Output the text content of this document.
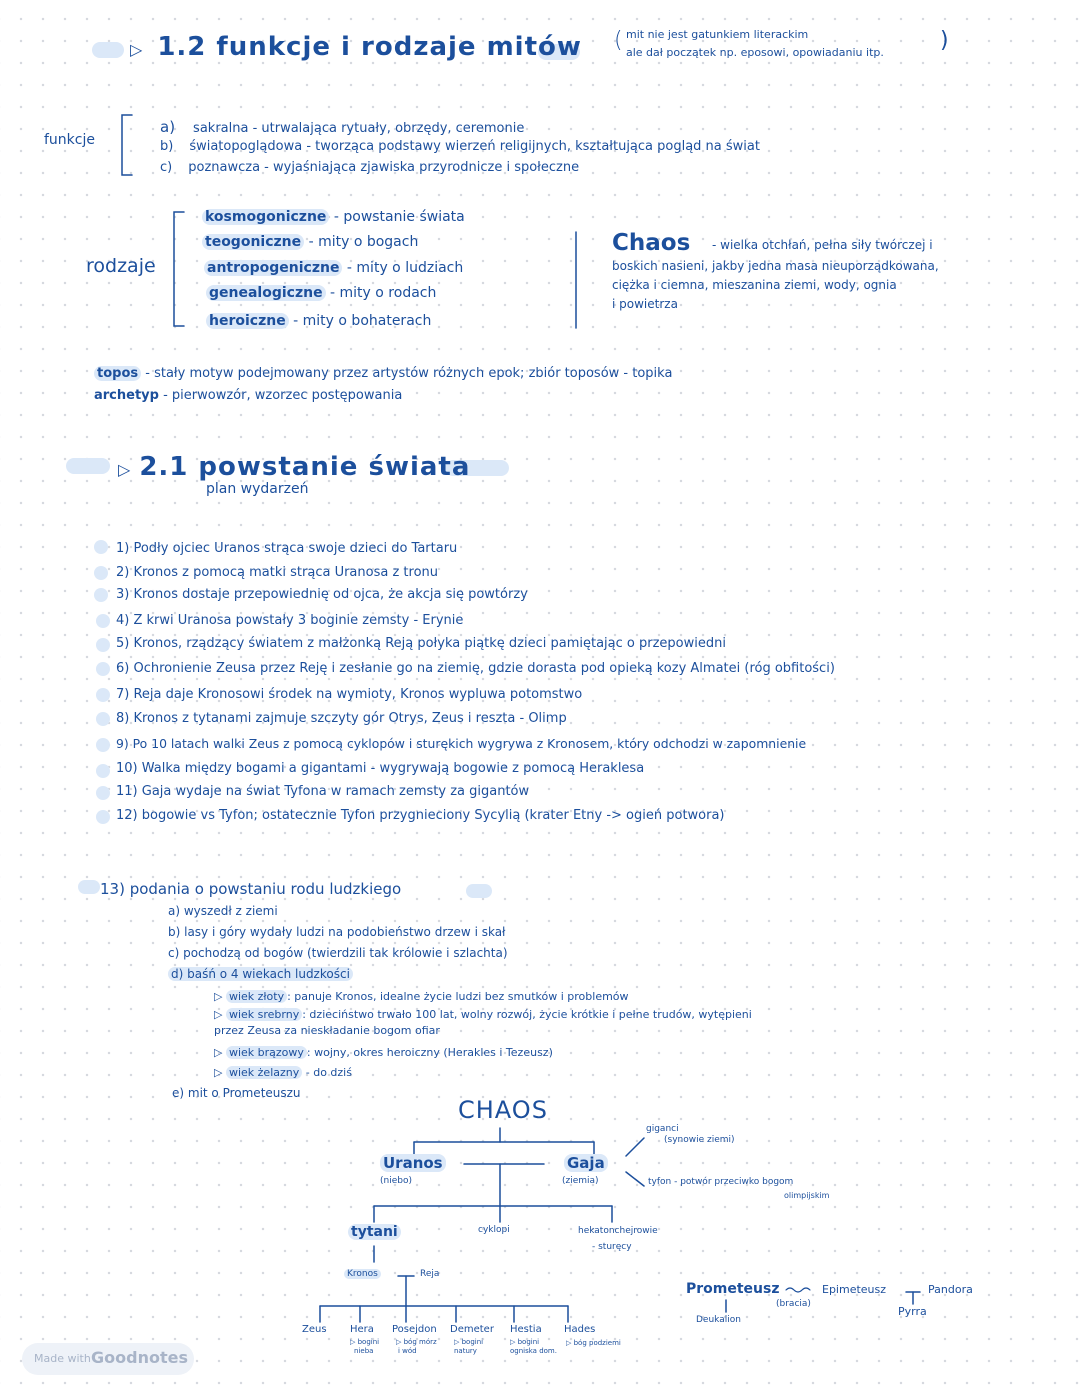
▷ 1.2 funkcje i rodzaje mitów ( mit nie jest gatunkiem literackim
ale dał początek np. eposowi, opowiadaniu itp.	)
funkcje
a) sakralna - utrwalająca rytuały, obrzędy, ceremonie
b) światopoglądowa - tworząca podstawy wierzeń religijnych, kształtująca pogląd na świat
c) poznawcza - wyjaśniająca zjawiska przyrodnicze i społeczne
rodzaje
kosmogoniczne - powstanie świata
teogoniczne - mity o bogach
antropogeniczne - mity o ludziach
genealogiczne - mity o rodach
heroiczne - mity o bohaterach
Chaos - wielka otchłań, pełna siły twórczej i
boskich nasieni, jakby jedna masa nieuporządkowana,
ciężka i ciemna, mieszanina ziemi, wody, ognia
i powietrza
topos - stały motyw podejmowany przez artystów różnych epok; zbiór toposów - topika
archetyp - pierwowzór, wzorzec postępowania
▷ 2.1 powstanie świata
plan wydarzeń
1) Podły ojciec Uranos strąca swoje dzieci do Tartaru
2) Kronos z pomocą matki strąca Uranosa z tronu
3) Kronos dostaje przepowiednię od ojca, że akcja się powtórzy
4) Z krwi Uranosa powstały 3 boginie zemsty - Erynie
5) Kronos, rządzący światem z małżonką Reją połyka piątkę dzieci pamiętając o przepowiedni
6) Ochronienie Zeusa przez Reję i zesłanie go na ziemię, gdzie dorasta pod opieką kozy Almatei (róg obfitości)
7) Reja daje Kronosowi środek na wymioty, Kronos wypluwa potomstwo
8) Kronos z tytanami zajmuje szczyty gór Otrys, Zeus i reszta - Olimp
9) Po 10 latach walki Zeus z pomocą cyklopów i sturękich wygrywa z Kronosem, który odchodzi w zapomnienie
10) Walka między bogami a gigantami - wygrywają bogowie z pomocą Heraklesa
11) Gaja wydaje na świat Tyfona w ramach zemsty za gigantów
12) bogowie vs Tyfon; ostatecznie Tyfon przygnieciony Sycylią (krater Etny -> ogień potwora)
13) podania o powstaniu rodu ludzkiego
a) wyszedł z ziemi
b) lasy i góry wydały ludzi na podobieństwo drzew i skał
c) pochodzą od bogów (twierdzili tak królowie i szlachta)
d) baśń o 4 wiekach ludzkości
▷ wiek złoty : panuje Kronos, idealne życie ludzi bez smutków i problemów
▷ wiek srebrny : dzieciństwo trwało 100 lat, wolny rozwój, życie krótkie i pełne trudów, wytępieni
przez Zeusa za nieskładanie bogom ofiar
▷ wiek brązowy : wojny, okres heroiczny (Herakles i Tezeusz)
▷ wiek żelazny - do dziś
e) mit o Prometeuszu
CHAOS
Uranos
(niebo)
Gaja
(ziemia)
giganci
(synowie ziemi)
tyfon - potwór przeciwko bogom
olimpijskim
tytani	cyklopi	hekatonchejrowie
- sturęcy
Kronos	Reja
Zeus Hera
▷ bogini
nieba
Posejdon
▷ bóg mórz
i wód
Demeter
▷ bogini
natury
Hestia
▷ bogini
ogniska dom.
Hades
▷ bóg podziemi
Prometeusz	Epimeteusz	Pandora
(bracia)
Deukalion
Pyrra
Made with Goodnotes
